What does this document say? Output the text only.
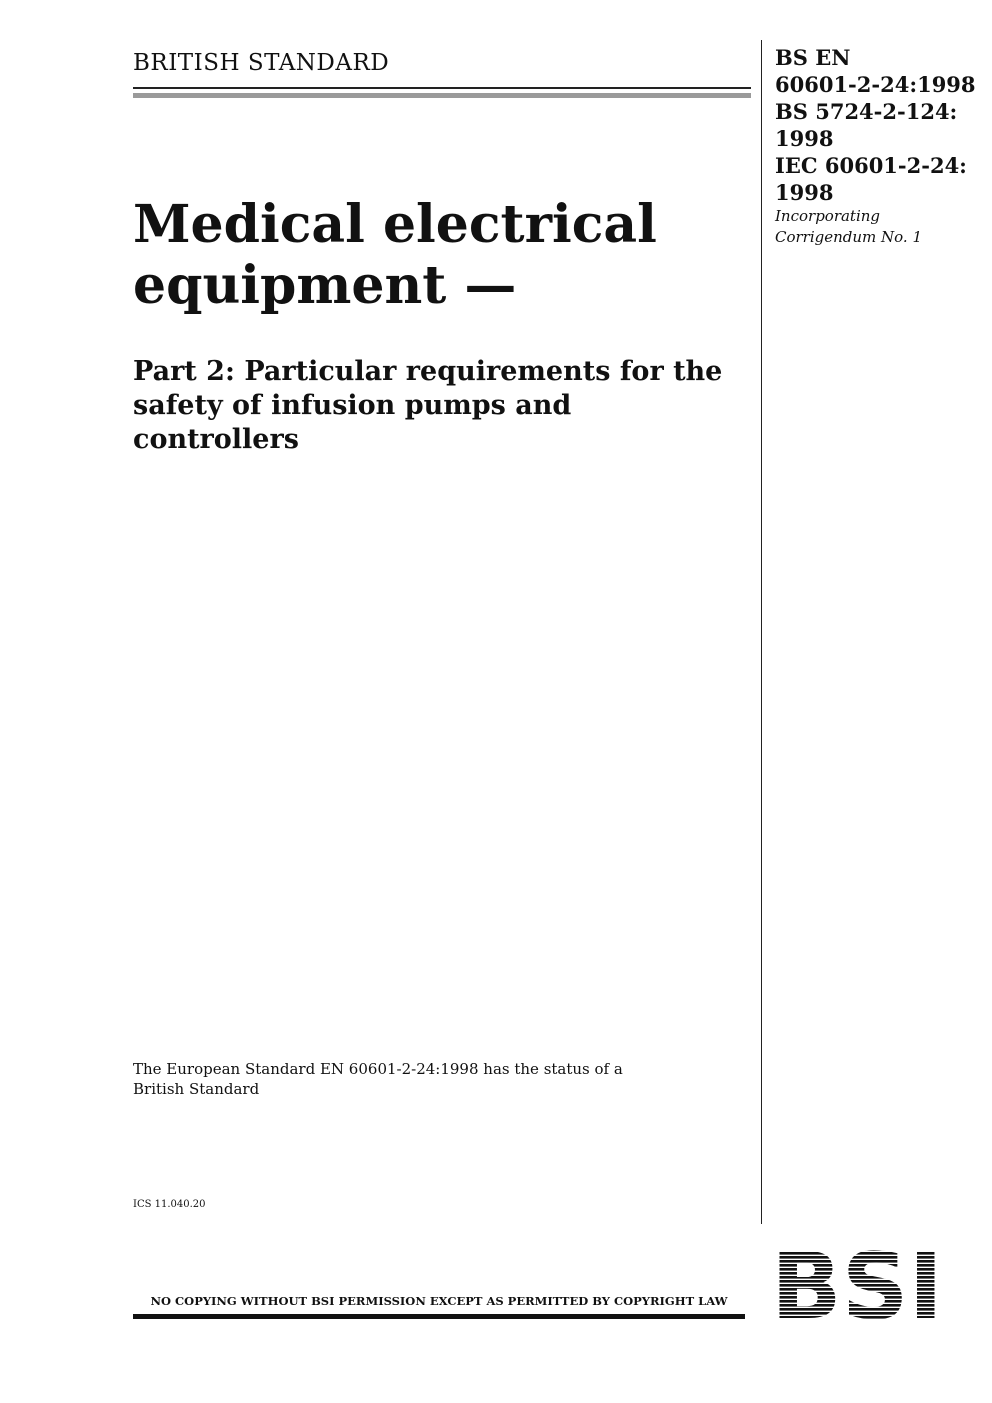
BRITISH STANDARD
Medical electrical equipment —
Part 2: Particular requirements for the safety of infusion pumps and controllers
BS EN
60601-2-24:1998
BS 5724-2-124:
1998
IEC 60601-2-24:
1998
Incorporating
Corrigendum No. 1
The European Standard EN 60601-2-24:1998 has the status of a
British Standard
ICS 11.040.20
NO COPYING WITHOUT BSI PERMISSION EXCEPT AS PERMITTED BY COPYRIGHT LAW
